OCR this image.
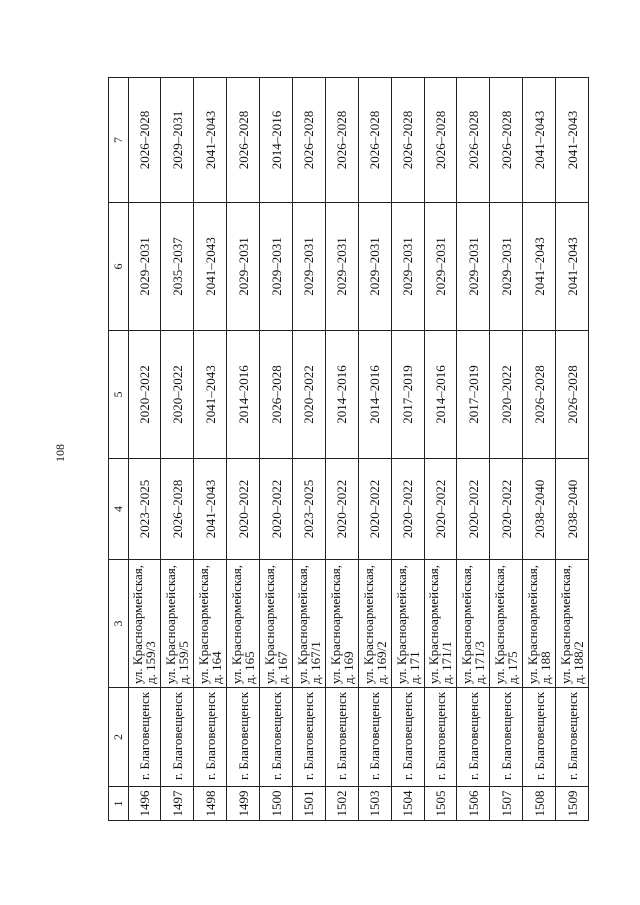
108
1	2	3	4	5	6	7
1496	г. Благовещенск	ул. Красноармейская, д. 159/3	2023–2025	2020–2022	2029–2031	2026–2028
1497	г. Благовещенск	ул. Красноармейская, д. 159/5	2026–2028	2020–2022	2035–2037	2029–2031
1498	г. Благовещенск	ул. Красноармейская, д. 164	2041–2043	2041–2043	2041–2043	2041–2043
1499	г. Благовещенск	ул. Красноармейская, д. 165	2020–2022	2014–2016	2029–2031	2026–2028
1500	г. Благовещенск	ул. Красноармейская, д. 167	2020–2022	2026–2028	2029–2031	2014–2016
1501	г. Благовещенск	ул. Красноармейская, д. 167/1	2023–2025	2020–2022	2029–2031	2026–2028
1502	г. Благовещенск	ул. Красноармейская, д. 169	2020–2022	2014–2016	2029–2031	2026–2028
1503	г. Благовещенск	ул. Красноармейская, д. 169/2	2020–2022	2014–2016	2029–2031	2026–2028
1504	г. Благовещенск	ул. Красноармейская, д. 171	2020–2022	2017–2019	2029–2031	2026–2028
1505	г. Благовещенск	ул. Красноармейская, д. 171/1	2020–2022	2014–2016	2029–2031	2026–2028
1506	г. Благовещенск	ул. Красноармейская, д. 171/3	2020–2022	2017–2019	2029–2031	2026–2028
1507	г. Благовещенск	ул. Красноармейская, д. 175	2020–2022	2020–2022	2029–2031	2026–2028
1508	г. Благовещенск	ул. Красноармейская, д. 188	2038–2040	2026–2028	2041–2043	2041–2043
1509	г. Благовещенск	ул. Красноармейская, д. 188/2	2038–2040	2026–2028	2041–2043	2041–2043
